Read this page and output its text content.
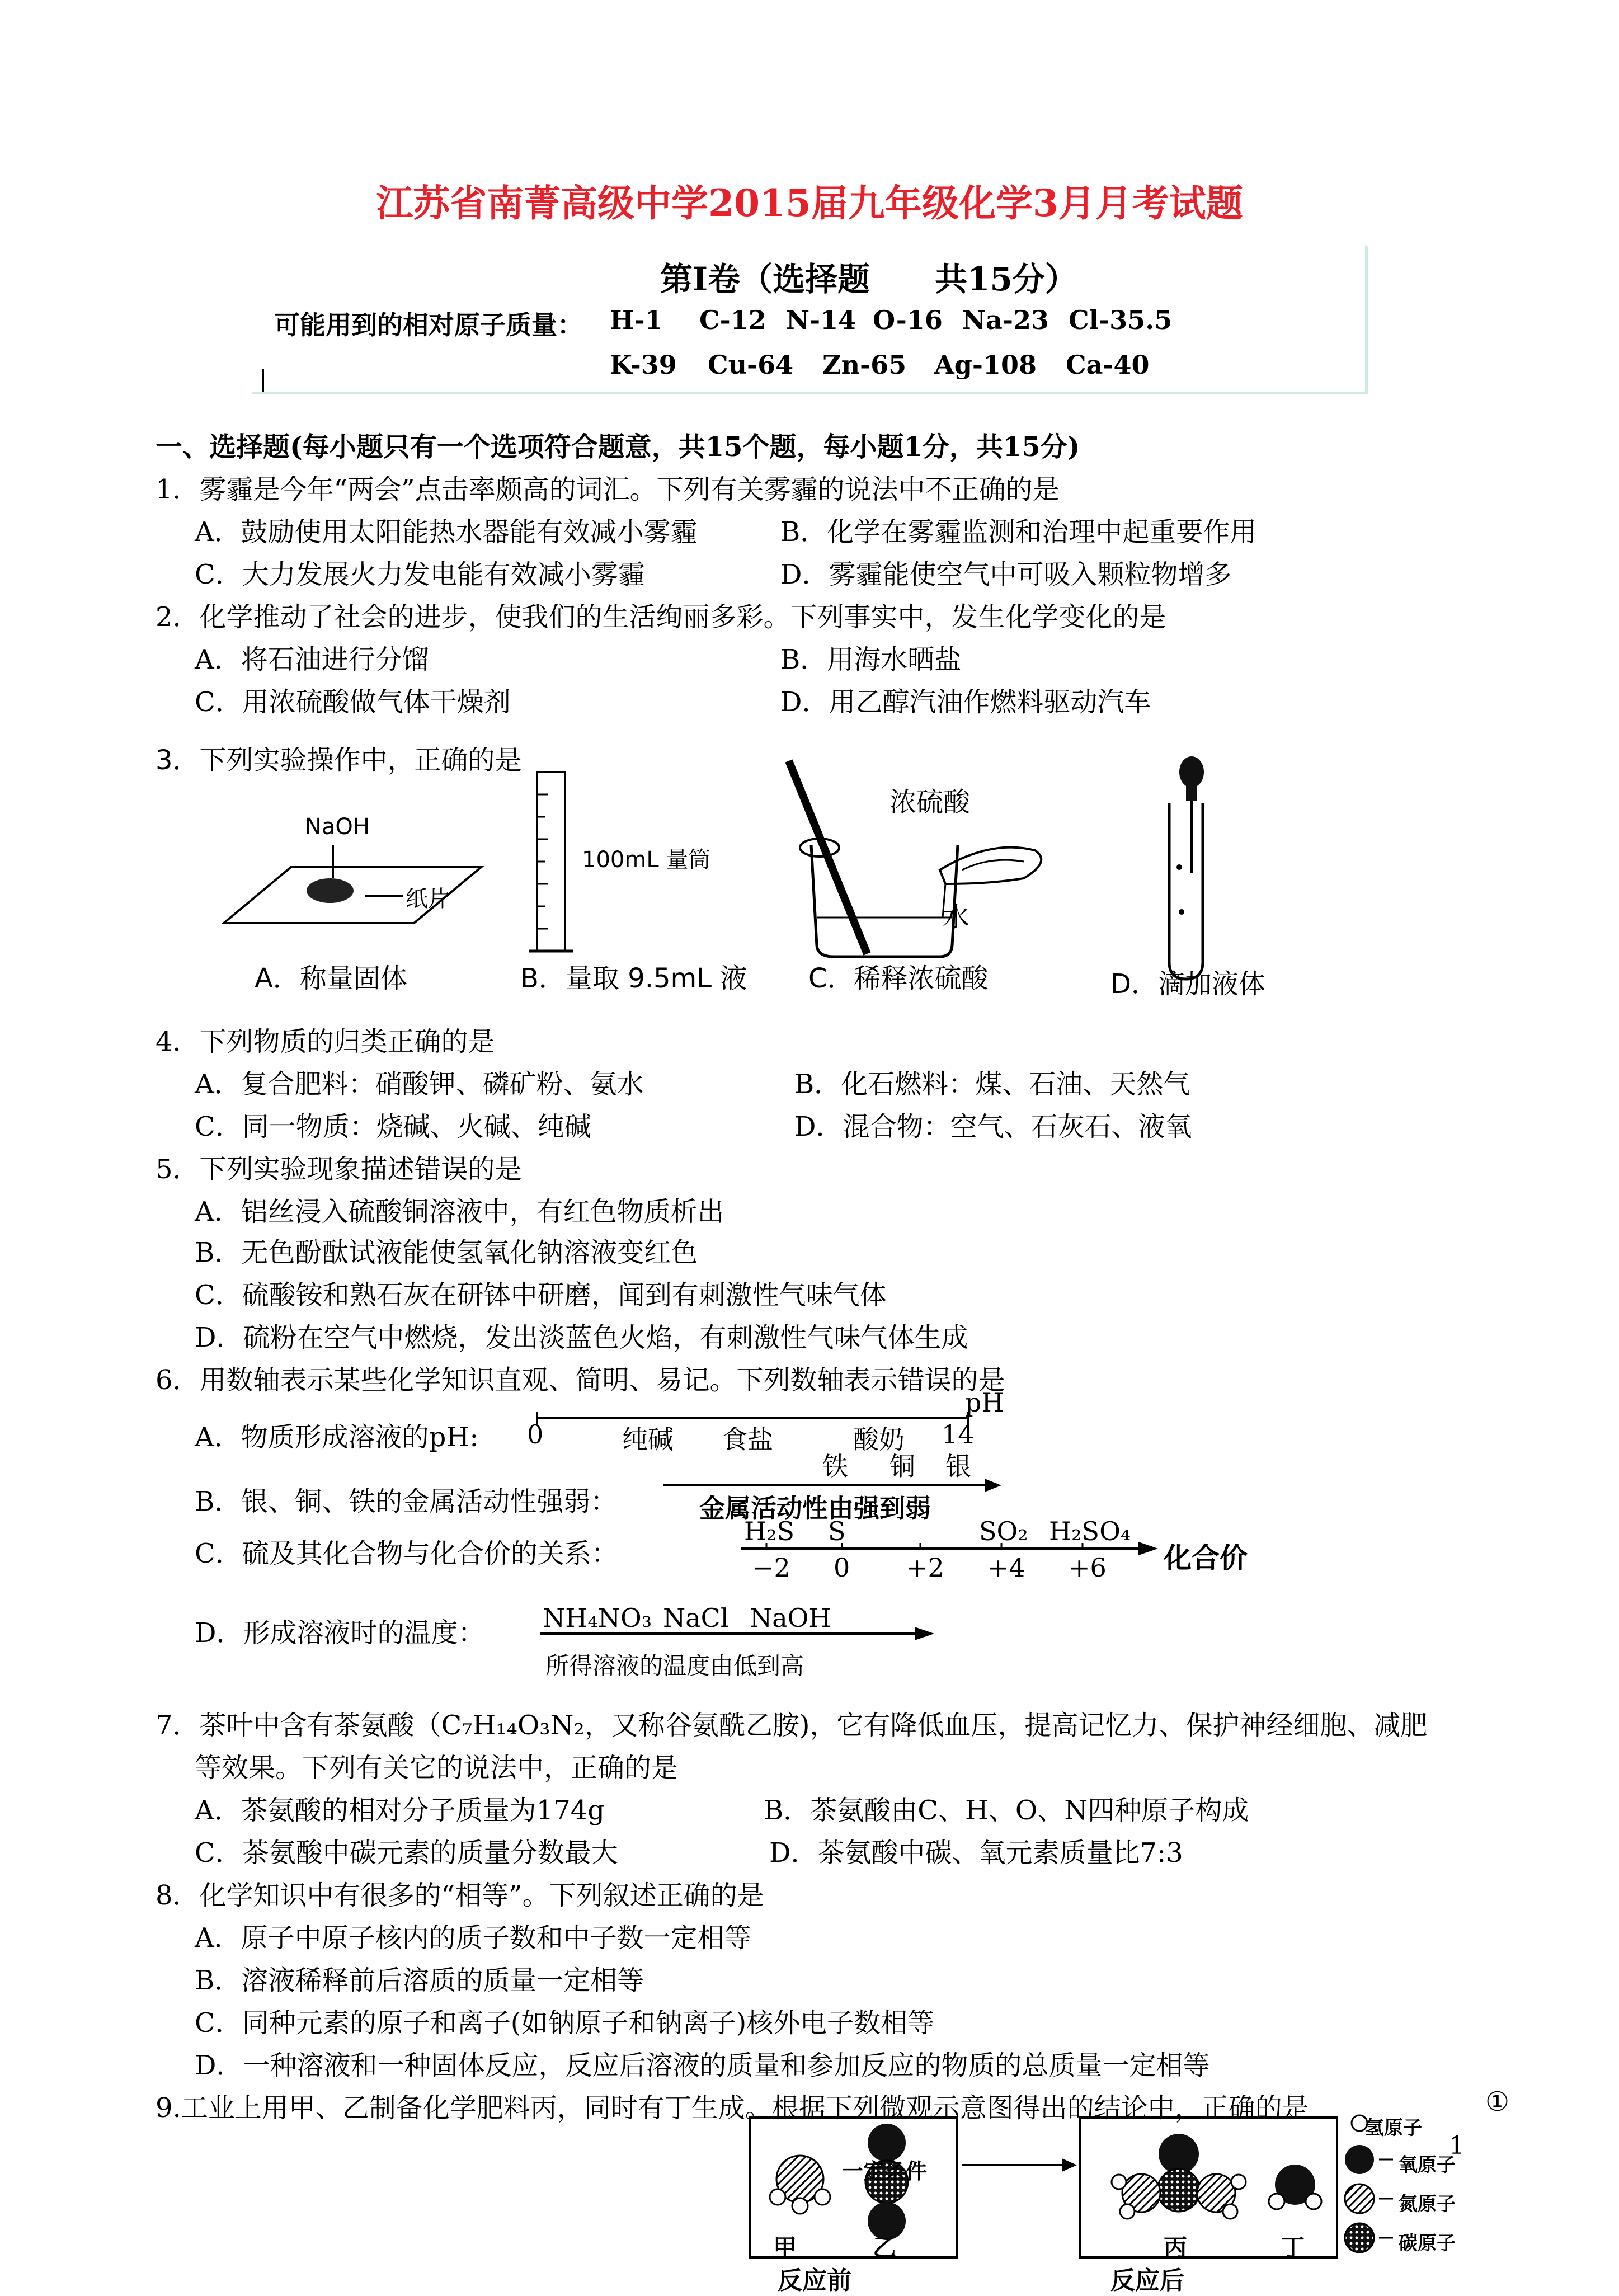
江苏省南菁高级中学2015届九年级化学3月月考试题
第Ⅰ卷（选择题　　共15分）
可能用到的相对原子质量： H-1 C-12 N-14 O-16 Na-23 Cl-35.5
K-39 Cu-64 Zn-65 Ag-108 Ca-40
一、选择题(每小题只有一个选项符合题意，共15个题，每小题1分，共15分)
1．雾霾是今年“两会”点击率颇高的词汇。下列有关雾霾的说法中不正确的是
A．鼓励使用太阳能热水器能有效减小雾霾	B．化学在雾霾监测和治理中起重要作用
C．大力发展火力发电能有效减小雾霾	D．雾霾能使空气中可吸入颗粒物增多
2．化学推动了社会的进步，使我们的生活绚丽多彩。下列事实中，发生化学变化的是
A．将石油进行分馏	B．用海水晒盐
C．用浓硫酸做气体干燥剂	D．用乙醇汽油作燃料驱动汽车
3．下列实验操作中，正确的是
NaOH
纸片
A．称量固体
100mL 量筒
B．量取 9.5mL 液
浓硫酸
水
C．稀释浓硫酸	D．滴加液体
4．下列物质的归类正确的是
A．复合肥料：硝酸钾、磷矿粉、氨水	B．化石燃料：煤、石油、天然气
C．同一物质：烧碱、火碱、纯碱	D．混合物：空气、石灰石、液氧
5．下列实验现象描述错误的是
A．铝丝浸入硫酸铜溶液中，有红色物质析出
B．无色酚酞试液能使氢氧化钠溶液变红色
C．硫酸铵和熟石灰在研钵中研磨，闻到有刺激性气味气体
D．硫粉在空气中燃烧，发出淡蓝色火焰，有刺激性气味气体生成
6．用数轴表示某些化学知识直观、简明、易记。下列数轴表示错误的是
A．物质形成溶液的pH: 0	纯碱 食盐	酸奶 14
pH
B．银、铜、铁的金属活动性强弱：
铁 铜 银
金属活动性由强到弱
C．硫及其化合物与化合价的关系：
H₂S S	SO₂ H₂SO₄
−2 0 +2 +4 +6 化合价
D．形成溶液时的温度： NH₄NO₃ NaCl NaOH
所得溶液的温度由低到高
7．茶叶中含有茶氨酸（C₇H₁₄O₃N₂，又称谷氨酰乙胺)，它有降低血压，提高记忆力、保护神经细胞、减肥
等效果。下列有关它的说法中，正确的是
A．茶氨酸的相对分子质量为174g	B．茶氨酸由C、H、O、N四种原子构成
C．茶氨酸中碳元素的质量分数最大	D．茶氨酸中碳、氧元素质量比7:3
8．化学知识中有很多的“相等”。下列叙述正确的是
A．原子中原子核内的质子数和中子数一定相等
B．溶液稀释前后溶质的质量一定相等
C．同种元素的原子和离子(如钠原子和钠离子)核外电子数相等
D．一种溶液和一种固体反应，反应后溶液的质量和参加反应的物质的总质量一定相等
9.工业上用甲、乙制备化学肥料丙，同时有丁生成。根据下列微观示意图得出的结论中，正确的是	①
1
一定条件
甲	乙	丙	丁
反应前	反应后
氢原子
氧原子
氮原子
碳原子
